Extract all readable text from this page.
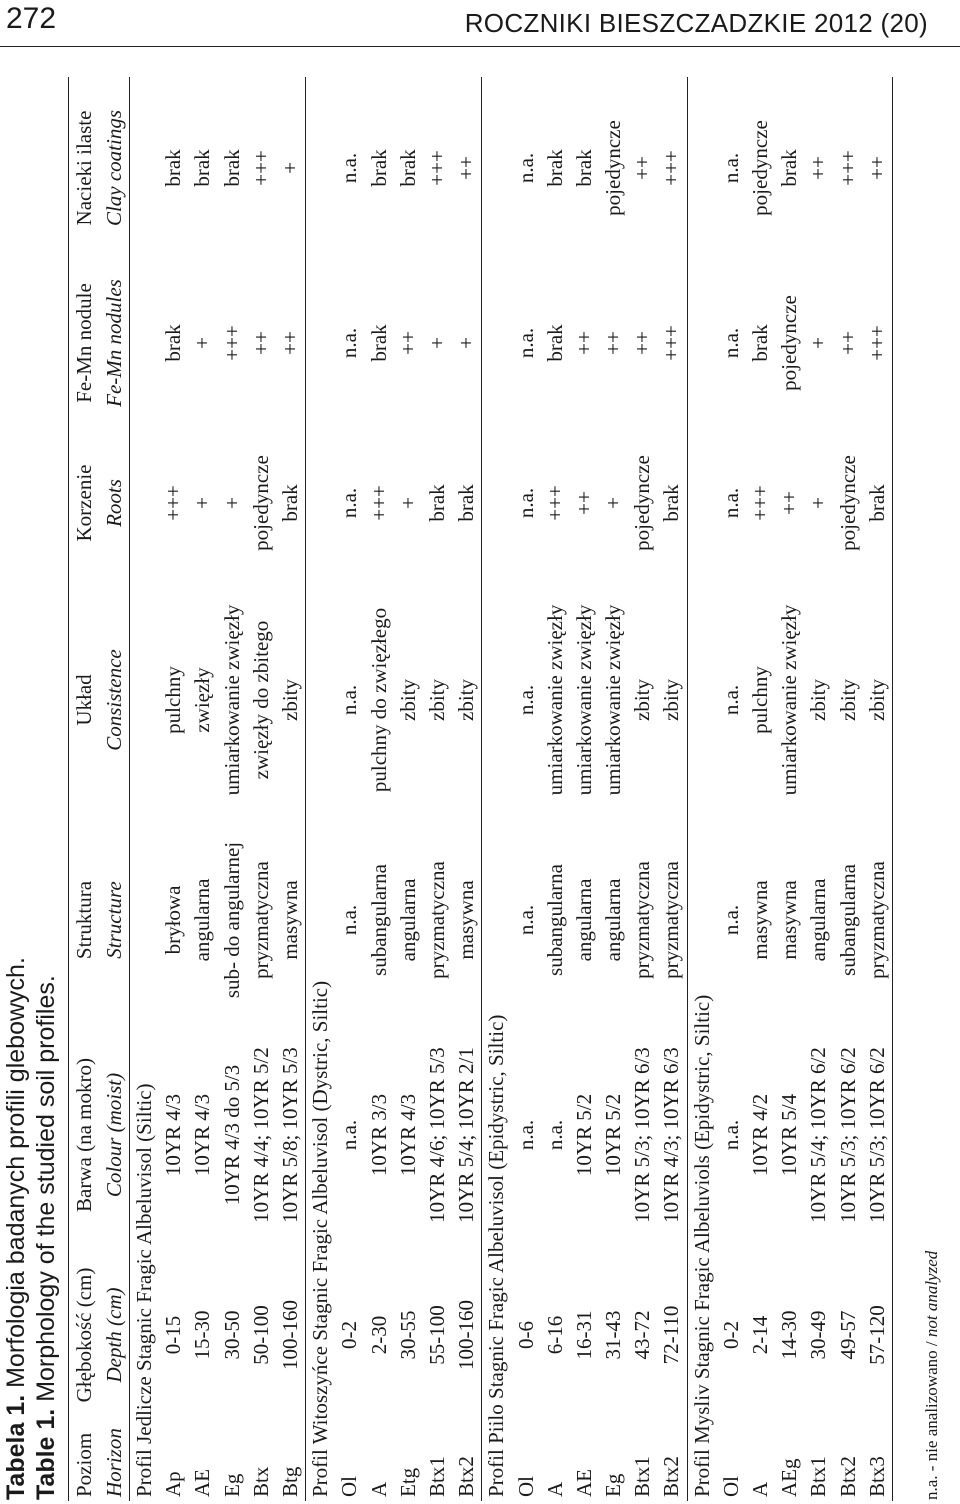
272	ROCZNIKI BIESZCZADZKIE 2012 (20)
Tabela 1. Morfologia badanych profili glebowych.
Table 1. Morphology of the studied soil profiles.
Poziom	Głębokość (cm)	Barwa (na mokro)	Struktura	Układ	Korzenie	Fe-Mn nodule	Nacieki ilaste
Horizon	Depth (cm)	Colour (moist)	Structure	Consistence	Roots	Fe-Mn nodules	Clay coatings
Profil Jedlicze Stagnic Fragic Albeluvisol (Siltic)							
Ap	0-15	10YR 4/3	bryłowa	pulchny	+++	brak	brak
AE	15-30	10YR 4/3	angularna	zwięzły	+	+	brak
Eg	30-50	10YR 4/3 do 5/3	sub- do angularnej	umiarkowanie zwięzły	+	+++	brak
Btx	50-100	10YR 4/4; 10YR 5/2	pryzmatyczna	zwięzły do zbitego	pojedyncze	++	+++
Btg	100-160	10YR 5/8; 10YR 5/3	masywna	zbity	brak	++	+
Profil Witoszyńce Stagnic Fragic Albeluvisol (Dystric, Siltic)							
Ol	0-2	n.a.	n.a.	n.a.	n.a.	n.a.	n.a.
A	2-30	10YR 3/3	subangularna	pulchny do zwięzłego	+++	brak	brak
Etg	30-55	10YR 4/3	angularna	zbity	+	++	brak
Btx1	55-100	10YR 4/6; 10YR 5/3	pryzmatyczna	zbity	brak	+	+++
Btx2	100-160	10YR 5/4; 10YR 2/1	masywna	zbity	brak	+	++
Profil Piilo Stagnic Fragic Albeluvisol (Epidystric, Siltic)							
Ol	0-6	n.a.	n.a.	n.a.	n.a.	n.a.	n.a.
A	6-16	n.a.	subangularna	umiarkowanie zwięzły	+++	brak	brak
AE	16-31	10YR 5/2	angularna	umiarkowanie zwięzły	++	++	brak
Eg	31-43	10YR 5/2	angularna	umiarkowanie zwięzły	+	++	pojedyncze
Btx1	43-72	10YR 5/3; 10YR 6/3	pryzmatyczna	zbity	pojedyncze	++	++
Btx2	72-110	10YR 4/3; 10YR 6/3	pryzmatyczna	zbity	brak	+++	+++
Profil Mysliv Stagnic Fragic Albeluviols (Epidystric, Siltic)							
Ol	0-2	n.a.	n.a.	n.a.	n.a.	n.a.	n.a.
A	2-14	10YR 4/2	masywna	pulchny	+++	brak	pojedyncze
AEg	14-30	10YR 5/4	masywna	umiarkowanie zwięzły	++	pojedyncze	brak
Btx1	30-49	10YR 5/4; 10YR 6/2	angularna	zbity	+	+	++
Btx2	49-57	10YR 5/3; 10YR 6/2	subangularna	zbity	pojedyncze	++	+++
Btx3	57-120	10YR 5/3; 10YR 6/2	pryzmatyczna	zbity	brak	+++	++
n.a. - nie analizowano / not analyzed
